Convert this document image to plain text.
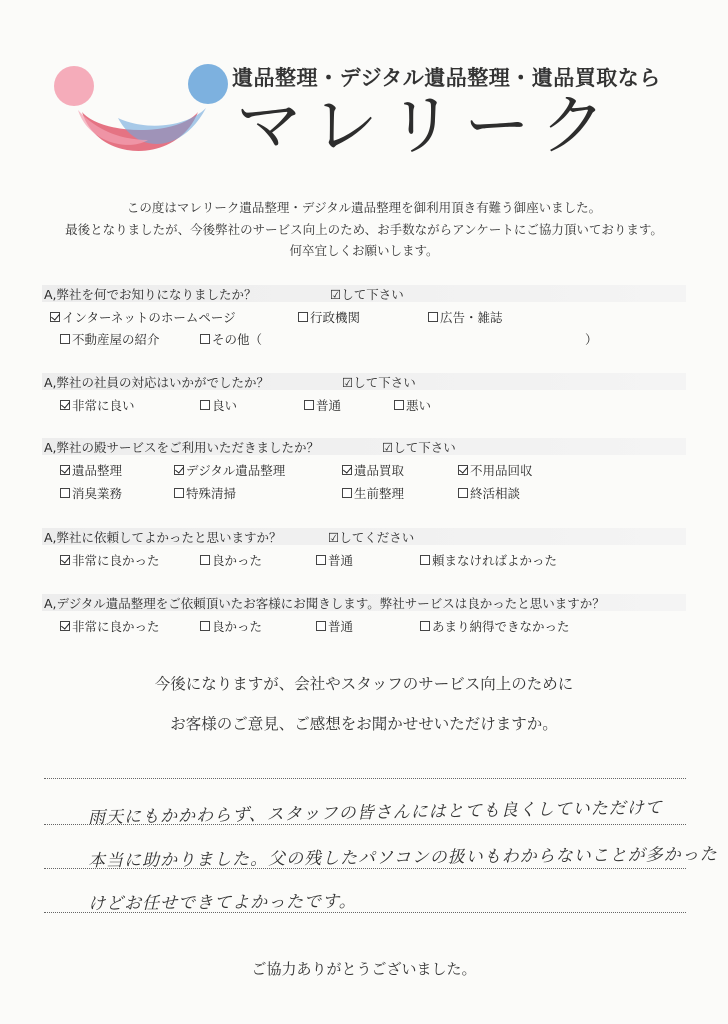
遺品整理・デジタル遺品整理・遺品買取なら
マレリーク
この度はマレリーク遺品整理・デジタル遺品整理を御利用頂き有難う御座いました。
最後となりましたが、今後弊社のサービス向上のため、お手数ながらアンケートにご協力頂いております。
何卒宜しくお願いします。
A,弊社を何でお知りになりましたか？	☑して下さい
インターネットのホームページ	行政機関	広告・雑誌
不動産屋の紹介	その他（	）
A,弊社の社員の対応はいかがでしたか？	☑して下さい
非常に良い	良い	普通	悪い
A,弊社の殿サービスをご利用いただきましたか？	☑して下さい
遺品整理	デジタル遺品整理	遺品買取	不用品回収
消臭業務	特殊清掃	生前整理	終活相談
A,弊社に依頼してよかったと思いますか？	☑してください
非常に良かった	良かった	普通	頼まなければよかった
A,デジタル遺品整理をご依頼頂いたお客様にお聞きします。弊社サービスは良かったと思いますか？
非常に良かった	良かった	普通	あまり納得できなかった
今後になりますが、会社やスタッフのサービス向上のために
お客様のご意見、ご感想をお聞かせせいただけますか。
雨天にもかかわらず、スタッフの皆さんにはとても良くしていただけて
本当に助かりました。父の残したパソコンの扱いもわからないことが多かった
けどお任せできてよかったです。
ご協力ありがとうございました。
